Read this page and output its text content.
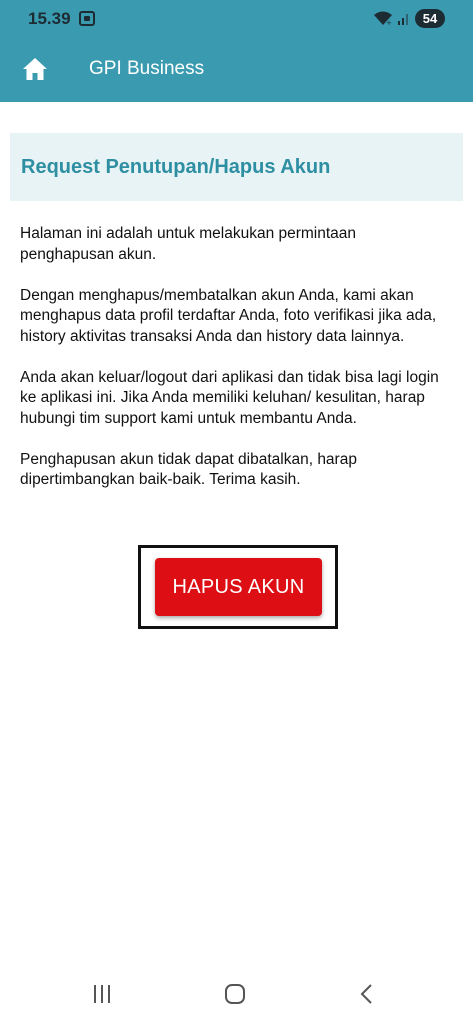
15.39	+	54
GPI Business
Request Penutupan/Hapus Akun

Halaman ini adalah untuk melakukan permintaan penghapusan akun.

Dengan menghapus/membatalkan akun Anda, kami akan menghapus data profil terdaftar Anda, foto verifikasi jika ada, history aktivitas transaksi Anda dan history data lainnya.

Anda akan keluar/logout dari aplikasi dan tidak bisa lagi login ke aplikasi ini. Jika Anda memiliki keluhan/ kesulitan, harap hubungi tim support kami untuk membantu Anda.

Penghapusan akun tidak dapat dibatalkan, harap dipertimbangkan baik-baik. Terima kasih.

HAPUS AKUN
